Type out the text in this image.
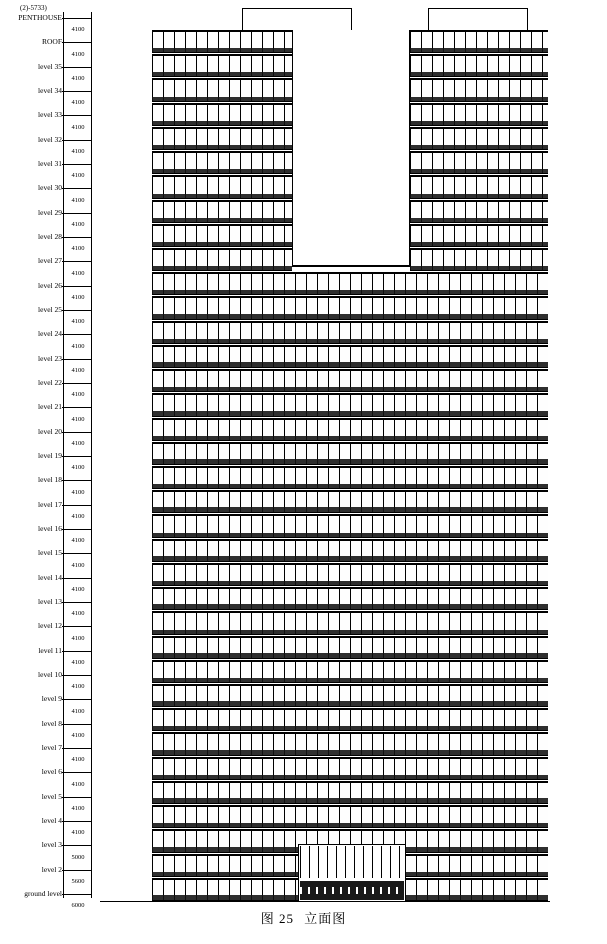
(2)-5733)
PENTHOUSE
4100
ROOF
4100
level 35
4100
level 34
4100
level 33
4100
level 32
4100
level 31
4100
level 30
4100
level 29
4100
level 28
4100
level 27
4100
level 26
4100
level 25
4100
level 24
4100
level 23
4100
level 22
4100
level 21
4100
level 20
4100
level 19
4100
level 18
4100
level 17
4100
level 16
4100
level 15
4100
level 14
4100
level 13
4100
level 12
4100
level 11
4100
level 10
4100
level 9
4100
level 8
4100
level 7
4100
level 6
4100
level 5
4100
level 4
4100
level 3
5000
level 2
5600
ground level
6000
图 25 立面图
